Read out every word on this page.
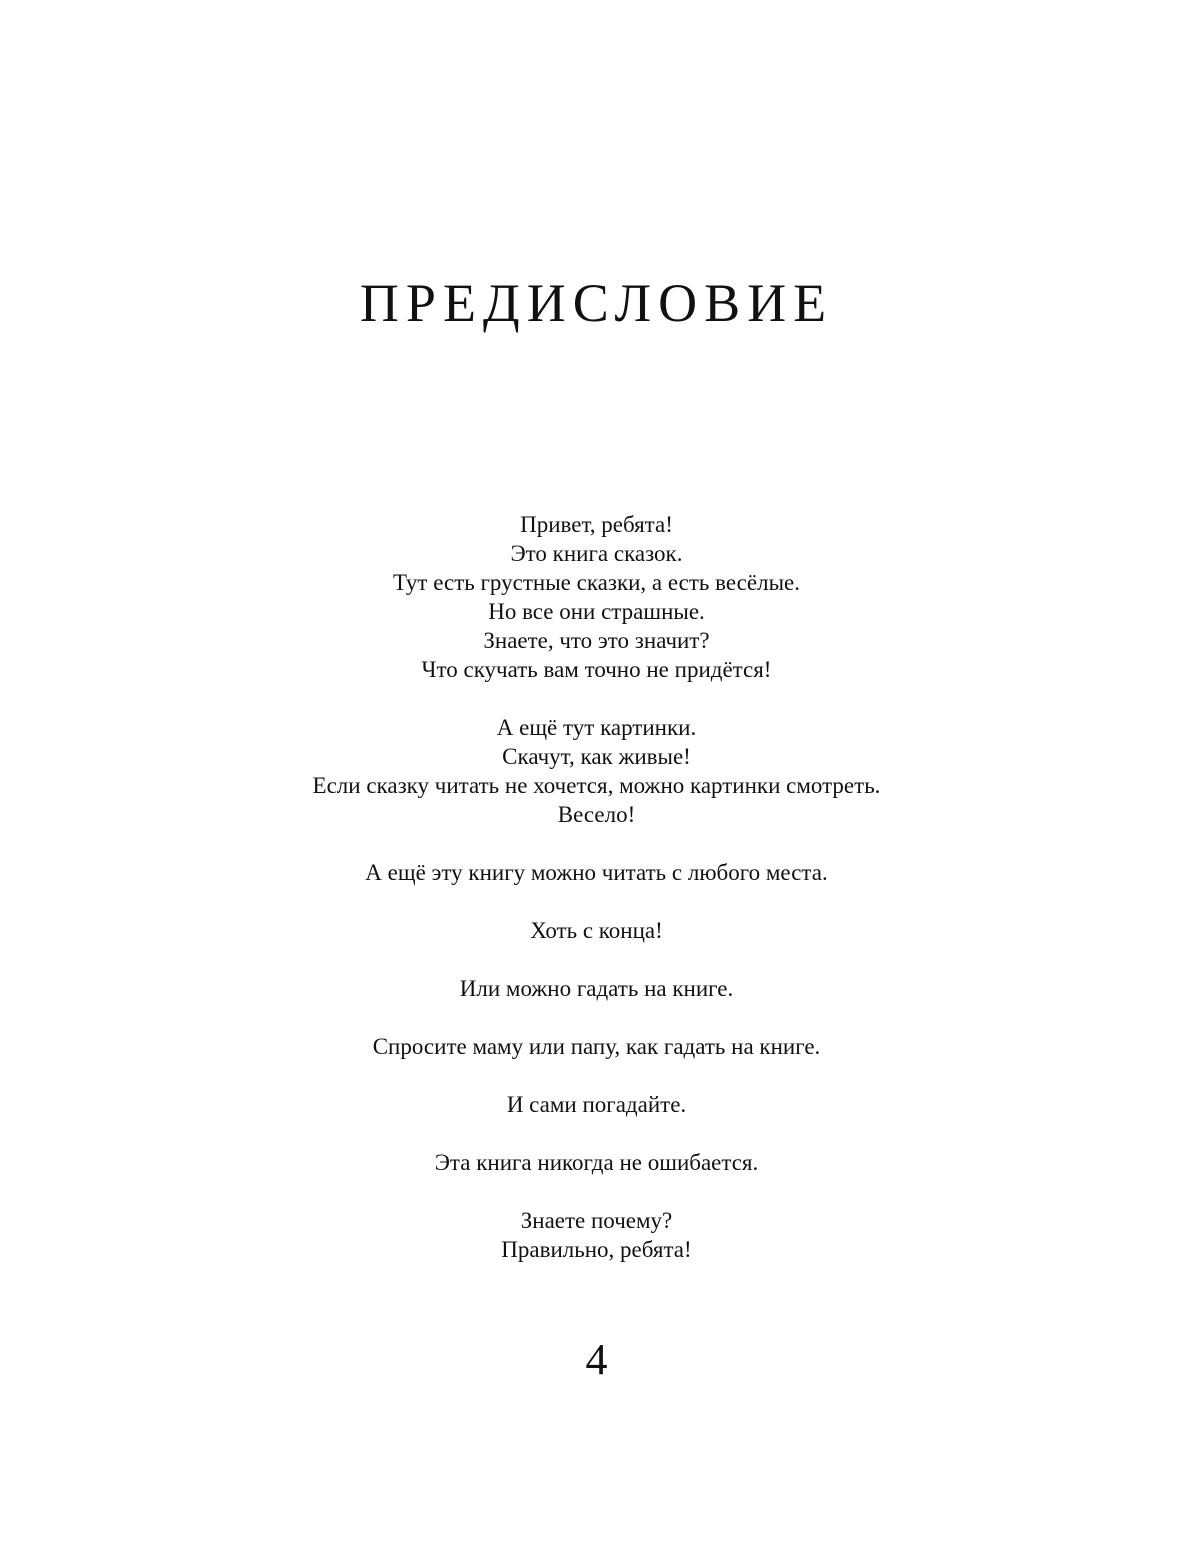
ПРЕДИСЛОВИЕ

Привет, ребята!
Это книга сказок.
Тут есть грустные сказки, а есть весёлые.
Но все они страшные.
Знаете, что это значит?
Что скучать вам точно не придётся!

А ещё тут картинки.
Скачут, как живые!
Если сказку читать не хочется, можно картинки смотреть.
Весело!

А ещё эту книгу можно читать с любого места.

Хоть с конца!

Или можно гадать на книге.

Спросите маму или папу, как гадать на книге.

И сами погадайте.

Эта книга никогда не ошибается.

Знаете почему?
Правильно, ребята!

4
